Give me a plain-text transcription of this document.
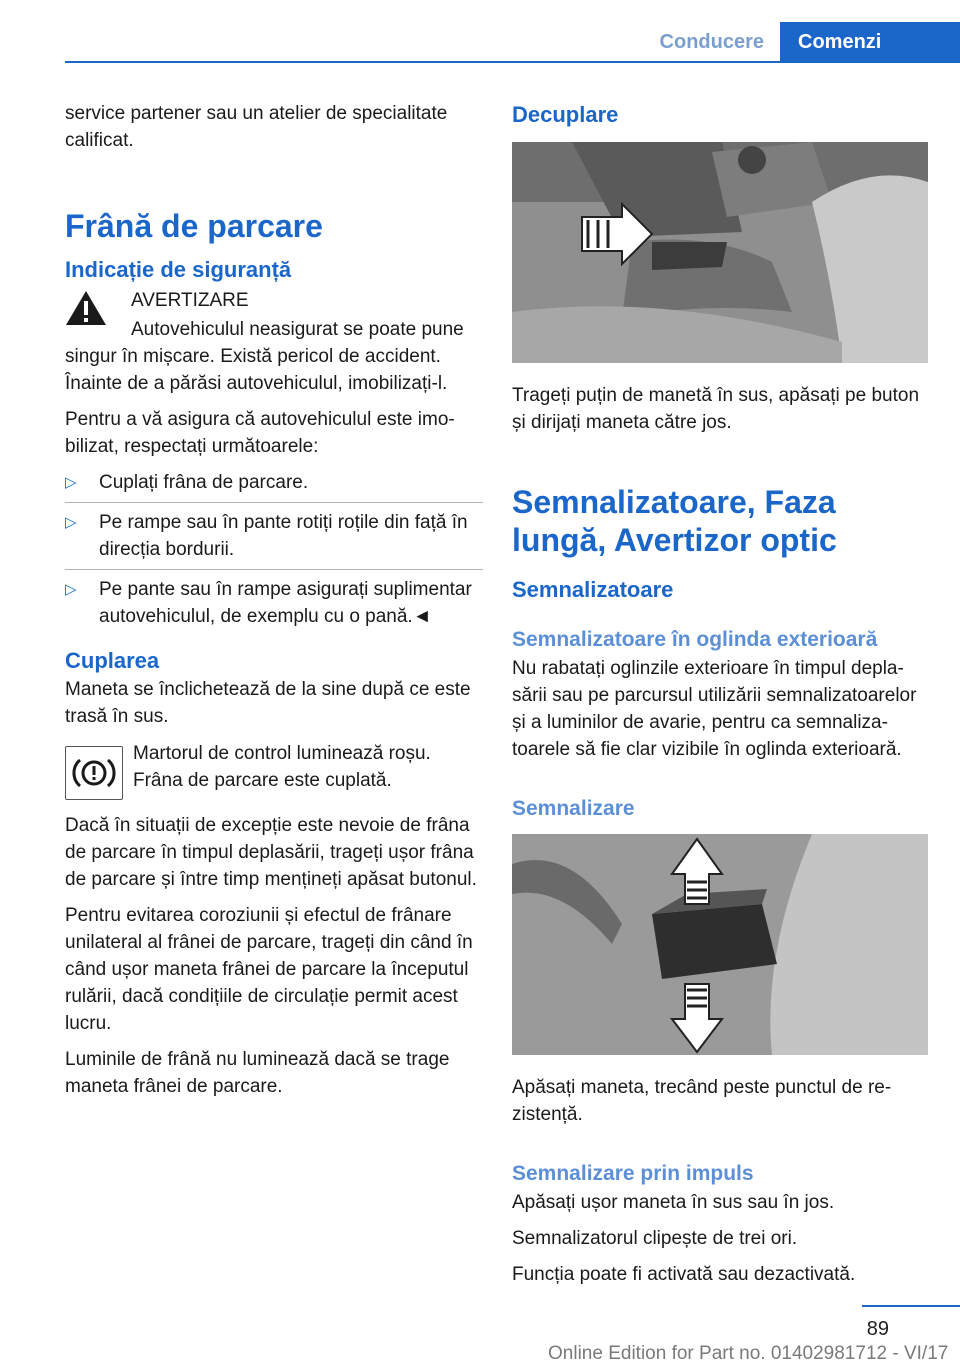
Conducere	Comenzi

service partener sau un atelier de specialitate calificat.

Frână de parcare
Indicație de siguranță

AVERTIZARE

Autovehiculul neasigurat se poate pune

singur în mișcare. Există pericol de accident. Înainte de a părăsi autovehiculul, imobilizați-l.

Pentru a vă asigura că autovehiculul este imobilizat, respectați următoarele:

▷ Cuplați frâna de parcare.
▷ Pe rampe sau în pante rotiți roțile din față în direcția bordurii.
▷ Pe pante sau în rampe asigurați suplimentar autovehiculul, de exemplu cu o pană.◄
Cuplarea

Maneta se înclichetează de la sine după ce este trasă în sus.

Martorul de control luminează roșu. Frâna de parcare este cuplată.

Dacă în situații de excepție este nevoie de frâna de parcare în timpul deplasării, trageți ușor frâna de parcare și între timp mențineți apăsat butonul.

Pentru evitarea coroziunii și efectul de frânare unilateral al frânei de parcare, trageți din când în când ușor maneta frânei de parcare la începutul rulării, dacă condițiile de circulație permit acest lucru.

Luminile de frână nu luminează dacă se trage maneta frânei de parcare.

Decuplare

Trageți puțin de manetă în sus, apăsați pe buton și dirijați maneta către jos.

Semnalizatoare, Faza lungă, Avertizor optic
Semnalizatoare
Semnalizatoare în oglinda exterioară

Nu rabatați oglinzile exterioare în timpul deplasării sau pe parcursul utilizării semnalizatoarelor și a luminilor de avarie, pentru ca semnalizatoarele să fie clar vizibile în oglinda exterioară.

Semnalizare

Apăsați maneta, trecând peste punctul de rezistență.

Semnalizare prin impuls

Apăsați ușor maneta în sus sau în jos.

Semnalizatorul clipește de trei ori.

Funcția poate fi activată sau dezactivată.

89
Online Edition for Part no. 01402981712 - VI/17
